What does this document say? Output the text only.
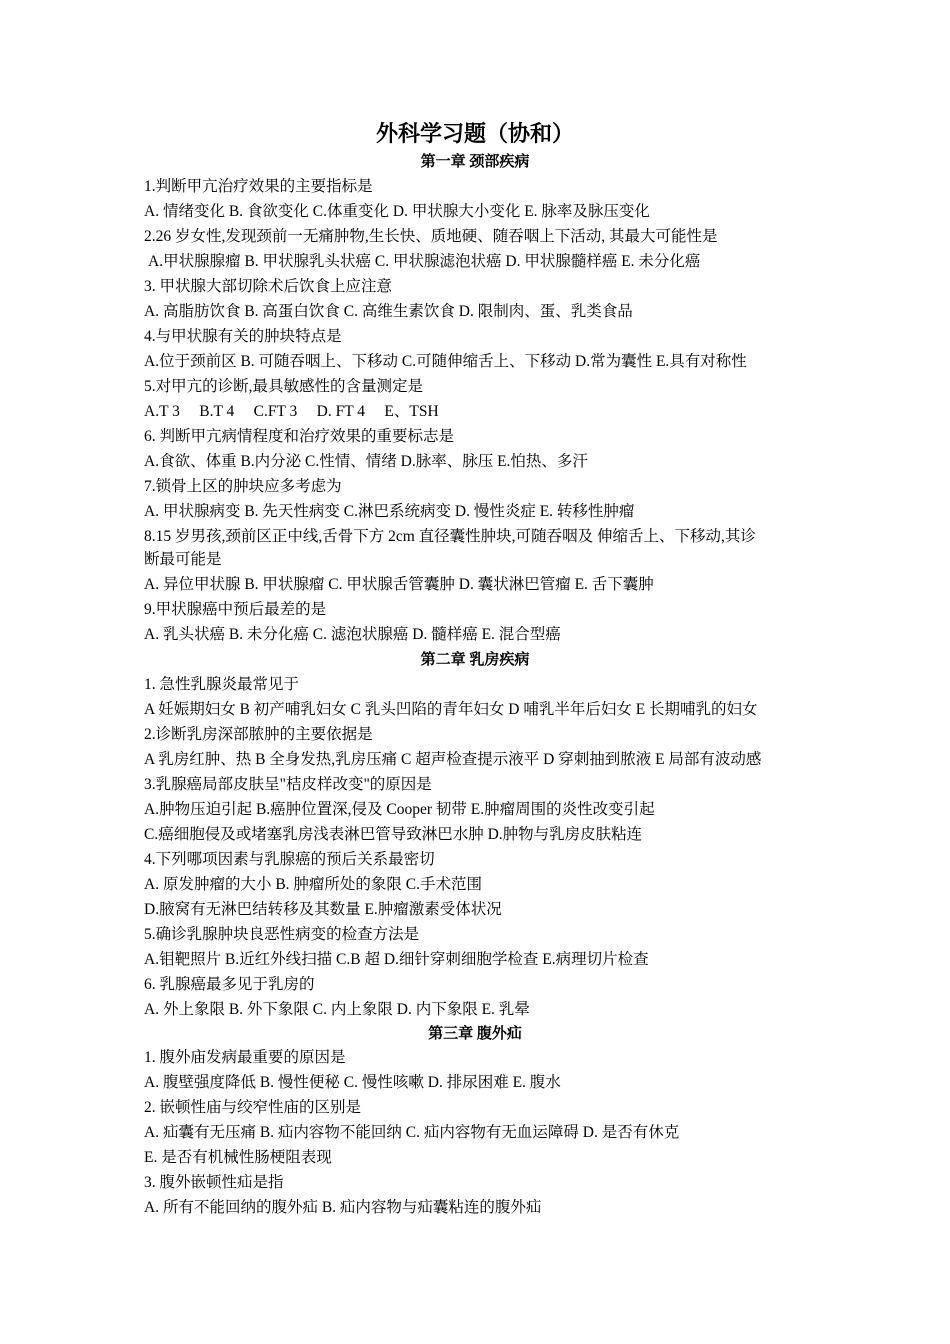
外科学习题（协和）
第一章 颈部疾病
1.判断甲亢治疗效果的主要指标是
A. 情绪变化 B. 食欲变化 C.体重变化 D. 甲状腺大小变化 E. 脉率及脉压变化
2.26 岁女性,发现颈前一无痛肿物,生长快、质地硬、随吞咽上下活动, 其最大可能性是
A.甲状腺腺瘤 B. 甲状腺乳头状癌 C. 甲状腺滤泡状癌 D. 甲状腺髓样癌 E. 未分化癌
3. 甲状腺大部切除术后饮食上应注意
A. 高脂肪饮食 B. 高蛋白饮食 C. 高维生素饮食 D. 限制肉、蛋、乳类食品
4.与甲状腺有关的肿块特点是
A.位于颈前区 B. 可随吞咽上、下移动 C.可随伸缩舌上、下移动 D.常为囊性 E.具有对称性
5.对甲亢的诊断,最具敏感性的含量测定是
A.T 3     B.T 4     C.FT 3     D. FT 4     E、TSH
6. 判断甲亢病情程度和治疗效果的重要标志是
A.食欲、体重 B.内分泌 C.性情、情绪 D.脉率、脉压 E.怕热、多汗
7.锁骨上区的肿块应多考虑为
A. 甲状腺病变 B. 先天性病变 C.淋巴系统病变 D. 慢性炎症 E. 转移性肿瘤
8.15 岁男孩,颈前区正中线,舌骨下方 2cm 直径囊性肿块,可随吞咽及 伸缩舌上、下移动,其诊
断最可能是
A. 异位甲状腺 B. 甲状腺瘤 C. 甲状腺舌管囊肿 D. 囊状淋巴管瘤 E. 舌下囊肿
9.甲状腺癌中预后最差的是
A. 乳头状癌 B. 未分化癌 C. 滤泡状腺癌 D. 髓样癌 E. 混合型癌
第二章 乳房疾病
1. 急性乳腺炎最常见于
A 妊娠期妇女 B 初产哺乳妇女 C 乳头凹陷的青年妇女 D 哺乳半年后妇女 E 长期哺乳的妇女
2.诊断乳房深部脓肿的主要依据是
A 乳房红肿、热 B 全身发热,乳房压痛 C 超声检查提示液平 D 穿刺抽到脓液 E 局部有波动感
3.乳腺癌局部皮肤呈"桔皮样改变"的原因是
A.肿物压迫引起 B.癌肿位置深,侵及 Cooper 韧带 E.肿瘤周围的炎性改变引起
C.癌细胞侵及或堵塞乳房浅表淋巴管导致淋巴水肿 D.肿物与乳房皮肤粘连
4.下列哪项因素与乳腺癌的预后关系最密切
A. 原发肿瘤的大小 B. 肿瘤所处的象限 C.手术范围
D.腋窝有无淋巴结转移及其数量 E.肿瘤激素受体状况
5.确诊乳腺肿块良恶性病变的检查方法是
A.钼靶照片 B.近红外线扫描 C.B 超 D.细针穿刺细胞学检查 E.病理切片检查
6. 乳腺癌最多见于乳房的
A. 外上象限 B. 外下象限 C. 内上象限 D. 内下象限 E. 乳晕
第三章 腹外疝
1. 腹外庙发病最重要的原因是
A. 腹壁强度降低 B. 慢性便秘 C. 慢性咳嗽 D. 排尿困难 E. 腹水
2. 嵌顿性庙与绞窄性庙的区别是
A. 疝囊有无压痛 B. 疝内容物不能回纳 C. 疝内容物有无血运障碍 D. 是否有休克
E. 是否有机械性肠梗阻表现
3. 腹外嵌顿性疝是指
A. 所有不能回纳的腹外疝 B. 疝内容物与疝囊粘连的腹外疝
